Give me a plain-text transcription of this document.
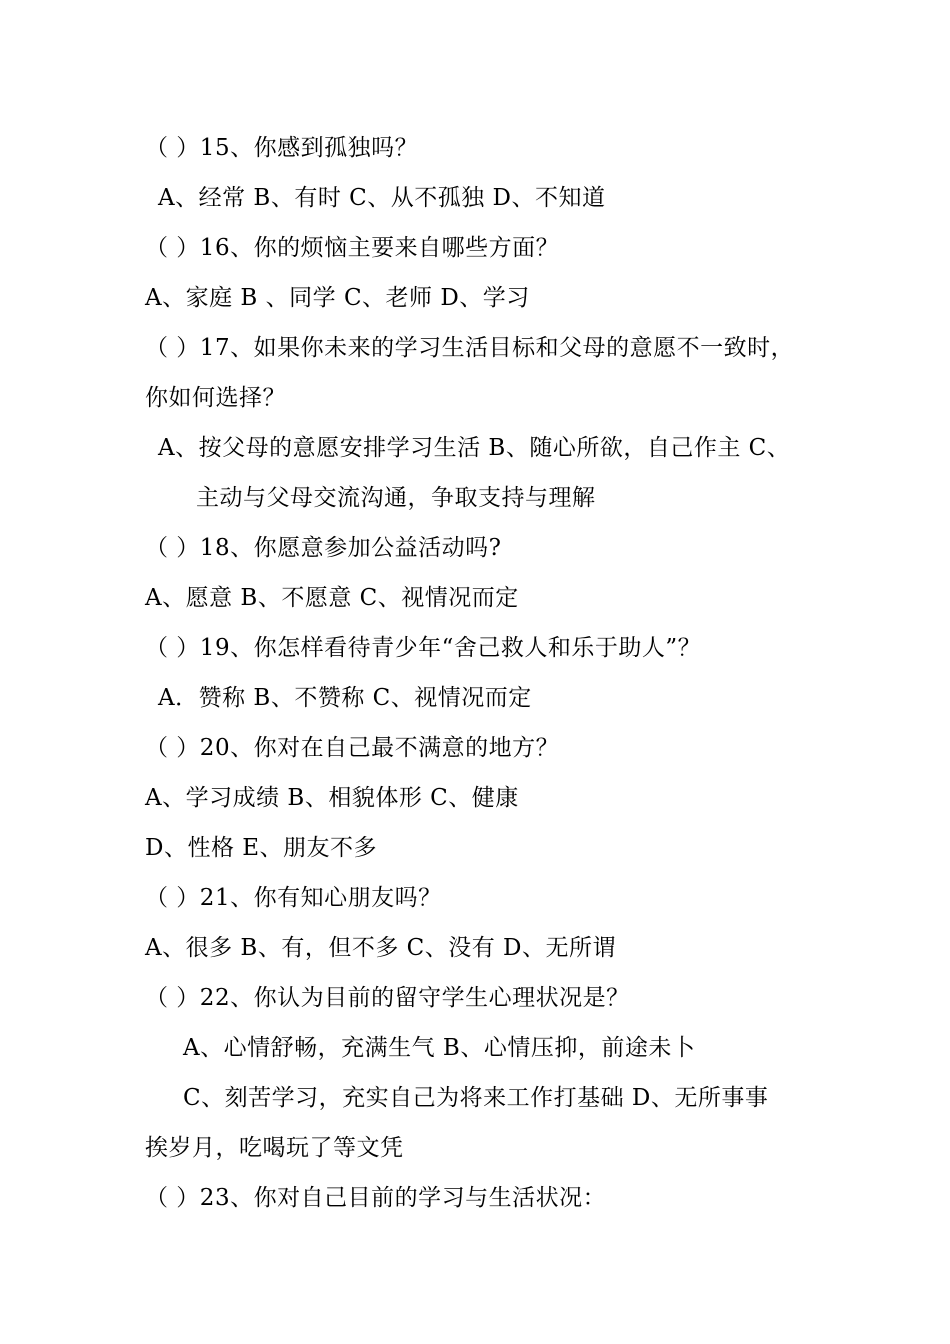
（ ）15、你感到孤独吗？
A、经常 B、有时 C、从不孤独 D、不知道
（ ）16、你的烦恼主要来自哪些方面？
A、家庭 B 、同学 C、老师 D、学习
（ ）17、如果你未来的学习生活目标和父母的意愿不一致时，
你如何选择？
A、按父母的意愿安排学习生活 B、随心所欲，自己作主 C、
主动与父母交流沟通，争取支持与理解
（ ）18、你愿意参加公益活动吗?
A、愿意 B、不愿意 C、视情况而定
（ ）19、你怎样看待青少年“舍己救人和乐于助人”？
A．赞称 B、不赞称 C、视情况而定
（ ）20、你对在自己最不满意的地方？
A、学习成绩 B、相貌体形 C、健康
D、性格 E、朋友不多
（ ）21、你有知心朋友吗？
A、很多 B、有，但不多 C、没有 D、无所谓
（ ）22、你认为目前的留守学生心理状况是？
A、心情舒畅，充满生气 B、心情压抑，前途未卜
C、刻苦学习，充实自己为将来工作打基础 D、无所事事
挨岁月，吃喝玩了等文凭
（ ）23、你对自己目前的学习与生活状况：
